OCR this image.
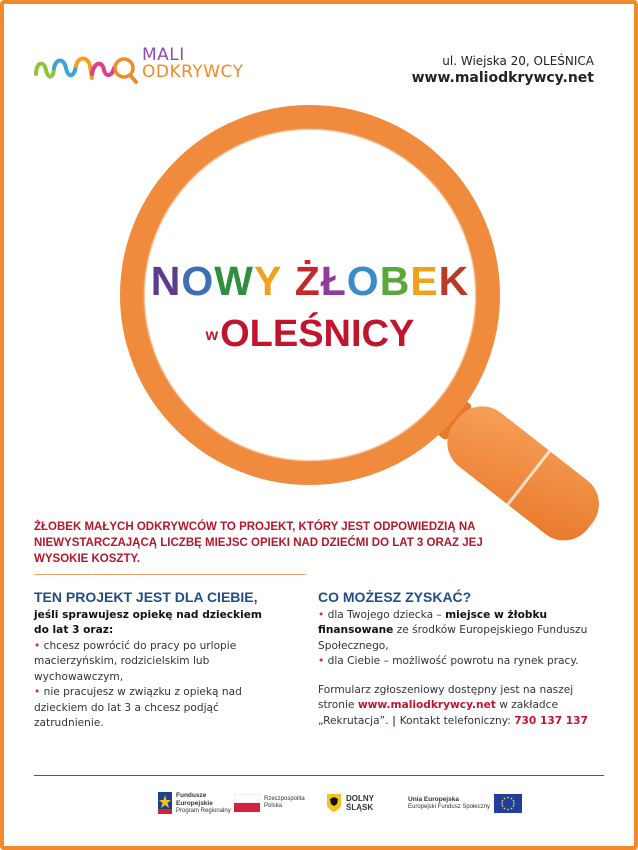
MALI
ODKRYWCY
ul. Wiejska 20, OLEŚNICA
www.maliodkrywcy.net
NOWY ŻŁOBEK
wOLEŚNICY
ŻŁOBEK MAŁYCH ODKRYWCÓW TO PROJEKT, KTÓRY JEST ODPOWIEDZIĄ NA NIEWYSTARCZAJĄCĄ LICZBĘ MIEJSC OPIEKI NAD DZIEĆMI DO LAT 3 ORAZ JEJ WYSOKIE KOSZTY.
TEN PROJEKT JEST DLA CIEBIE,

jeśli sprawujesz opiekę nad dzieckiem do lat 3 oraz:

• chcesz powrócić do pracy po urlopie macierzyńskim, rodzicielskim lub wychowawczym,

• nie pracujesz w związku z opieką nad dzieckiem do lat 3 a chcesz podjąć zatrudnienie.

CO MOŻESZ ZYSKAĆ?

• dla Twojego dziecka – miejsce w żłobku finansowane ze środków Europejskiego Funduszu Społecznego,

• dla Ciebie – możliwość powrotu na rynek pracy.

Formularz zgłoszeniowy dostępny jest na naszej stronie www.maliodkrywcy.net w zakładce „Rekrutacja”. | Kontakt telefoniczny: 730 137 137

Fundusze
Europejskie
Program Regionalny
Rzeczpospolita
Polska
DOLNY
ŚLĄSK
Unia Europejska
Europejski Fundusz Społeczny
